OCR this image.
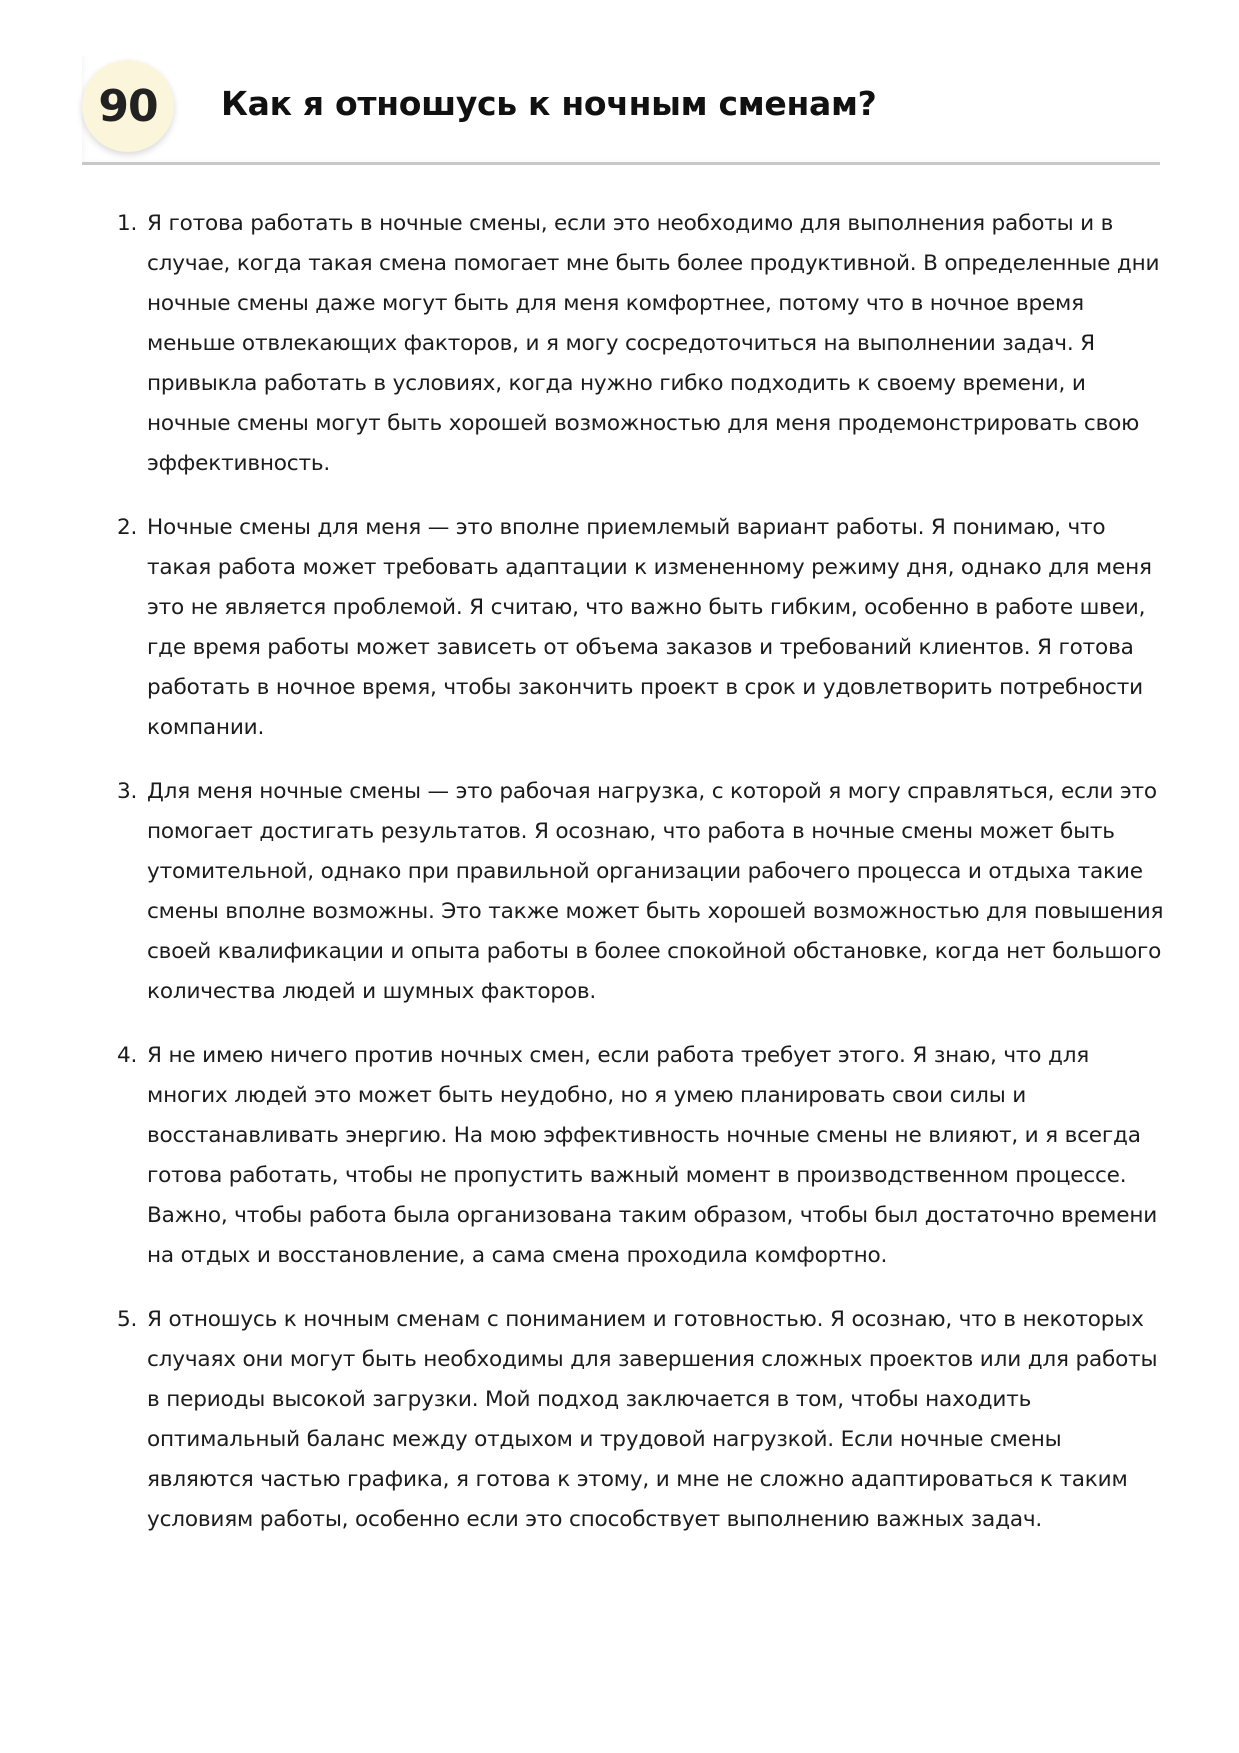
90	Как я отношусь к ночным сменам?
1. Я готова работать в ночные смены, если это необходимо для выполнения работы и в случае, когда такая смена помогает мне быть более продуктивной. В определенные дни ночные смены даже могут быть для меня комфортнее, потому что в ночное время меньше отвлекающих факторов, и я могу сосредоточиться на выполнении задач. Я привыкла работать в условиях, когда нужно гибко подходить к своему времени, и ночные смены могут быть хорошей возможностью для меня продемонстрировать свою эффективность.
2. Ночные смены для меня — это вполне приемлемый вариант работы. Я понимаю, что такая работа может требовать адаптации к измененному режиму дня, однако для меня это не является проблемой. Я считаю, что важно быть гибким, особенно в работе швеи, где время работы может зависеть от объема заказов и требований клиентов. Я готова работать в ночное время, чтобы закончить проект в срок и удовлетворить потребности компании.
3. Для меня ночные смены — это рабочая нагрузка, с которой я могу справляться, если это помогает достигать результатов. Я осознаю, что работа в ночные смены может быть утомительной, однако при правильной организации рабочего процесса и отдыха такие смены вполне возможны. Это также может быть хорошей возможностью для повышения своей квалификации и опыта работы в более спокойной обстановке, когда нет большого количества людей и шумных факторов.
4. Я не имею ничего против ночных смен, если работа требует этого. Я знаю, что для многих людей это может быть неудобно, но я умею планировать свои силы и восстанавливать энергию. На мою эффективность ночные смены не влияют, и я всегда готова работать, чтобы не пропустить важный момент в производственном процессе. Важно, чтобы работа была организована таким образом, чтобы был достаточно времени на отдых и восстановление, а сама смена проходила комфортно.
5. Я отношусь к ночным сменам с пониманием и готовностью. Я осознаю, что в некоторых случаях они могут быть необходимы для завершения сложных проектов или для работы в периоды высокой загрузки. Мой подход заключается в том, чтобы находить оптимальный баланс между отдыхом и трудовой нагрузкой. Если ночные смены являются частью графика, я готова к этому, и мне не сложно адаптироваться к таким условиям работы, особенно если это способствует выполнению важных задач.
